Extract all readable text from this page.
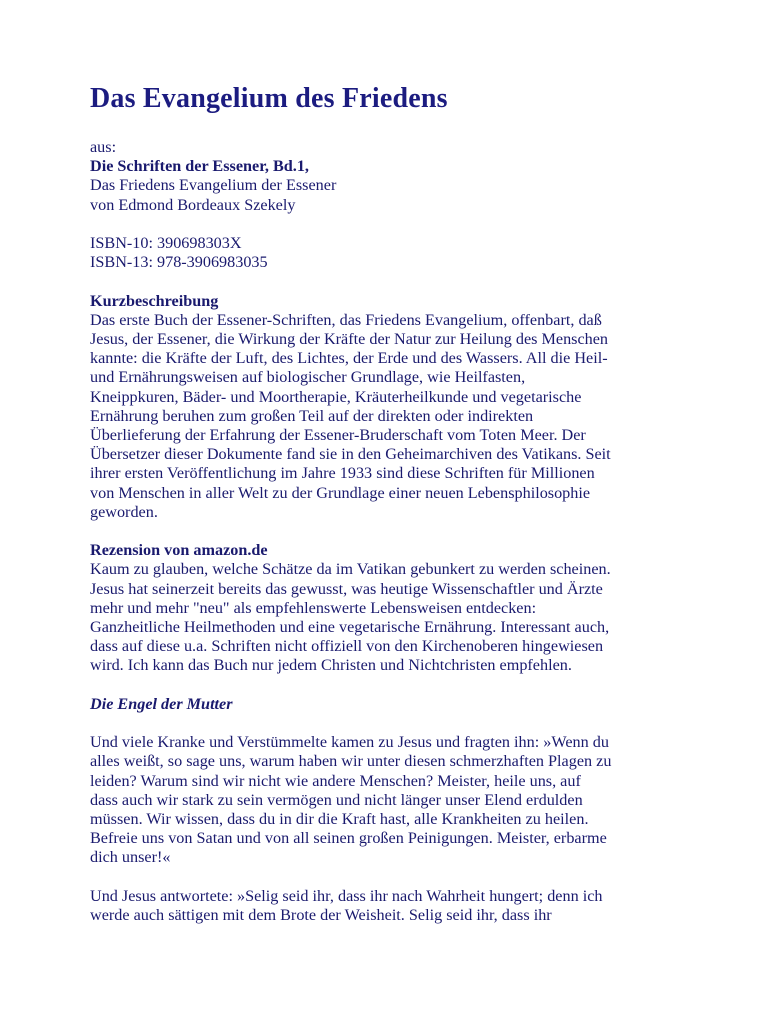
Das Evangelium des Friedens

aus:

Die Schriften der Essener, Bd.1,

Das Friedens Evangelium der Essener

von Edmond Bordeaux Szekely

ISBN-10: 390698303X

ISBN-13: 978-3906983035

Kurzbeschreibung

Das erste Buch der Essener-Schriften, das Friedens Evangelium, offenbart, daß

Jesus, der Essener, die Wirkung der Kräfte der Natur zur Heilung des Menschen

kannte: die Kräfte der Luft, des Lichtes, der Erde und des Wassers. All die Heil-

und Ernährungsweisen auf biologischer Grundlage, wie Heilfasten,

Kneippkuren, Bäder- und Moortherapie, Kräuterheilkunde und vegetarische

Ernährung beruhen zum großen Teil auf der direkten oder indirekten

Überlieferung der Erfahrung der Essener-Bruderschaft vom Toten Meer. Der

Übersetzer dieser Dokumente fand sie in den Geheimarchiven des Vatikans. Seit

ihrer ersten Veröffentlichung im Jahre 1933 sind diese Schriften für Millionen

von Menschen in aller Welt zu der Grundlage einer neuen Lebensphilosophie

geworden.

Rezension von amazon.de

Kaum zu glauben, welche Schätze da im Vatikan gebunkert zu werden scheinen.

Jesus hat seinerzeit bereits das gewusst, was heutige Wissenschaftler und Ärzte

mehr und mehr "neu" als empfehlenswerte Lebensweisen entdecken:

Ganzheitliche Heilmethoden und eine vegetarische Ernährung. Interessant auch,

dass auf diese u.a. Schriften nicht offiziell von den Kirchenoberen hingewiesen

wird. Ich kann das Buch nur jedem Christen und Nichtchristen empfehlen.

Die Engel der Mutter

Und viele Kranke und Verstümmelte kamen zu Jesus und fragten ihn: »Wenn du

alles weißt, so sage uns, warum haben wir unter diesen schmerzhaften Plagen zu

leiden? Warum sind wir nicht wie andere Menschen? Meister, heile uns, auf

dass auch wir stark zu sein vermögen und nicht länger unser Elend erdulden

müssen. Wir wissen, dass du in dir die Kraft hast, alle Krankheiten zu heilen.

Befreie uns von Satan und von all seinen großen Peinigungen. Meister, erbarme

dich unser!«

Und Jesus antwortete: »Selig seid ihr, dass ihr nach Wahrheit hungert; denn ich

werde auch sättigen mit dem Brote der Weisheit. Selig seid ihr, dass ihr
